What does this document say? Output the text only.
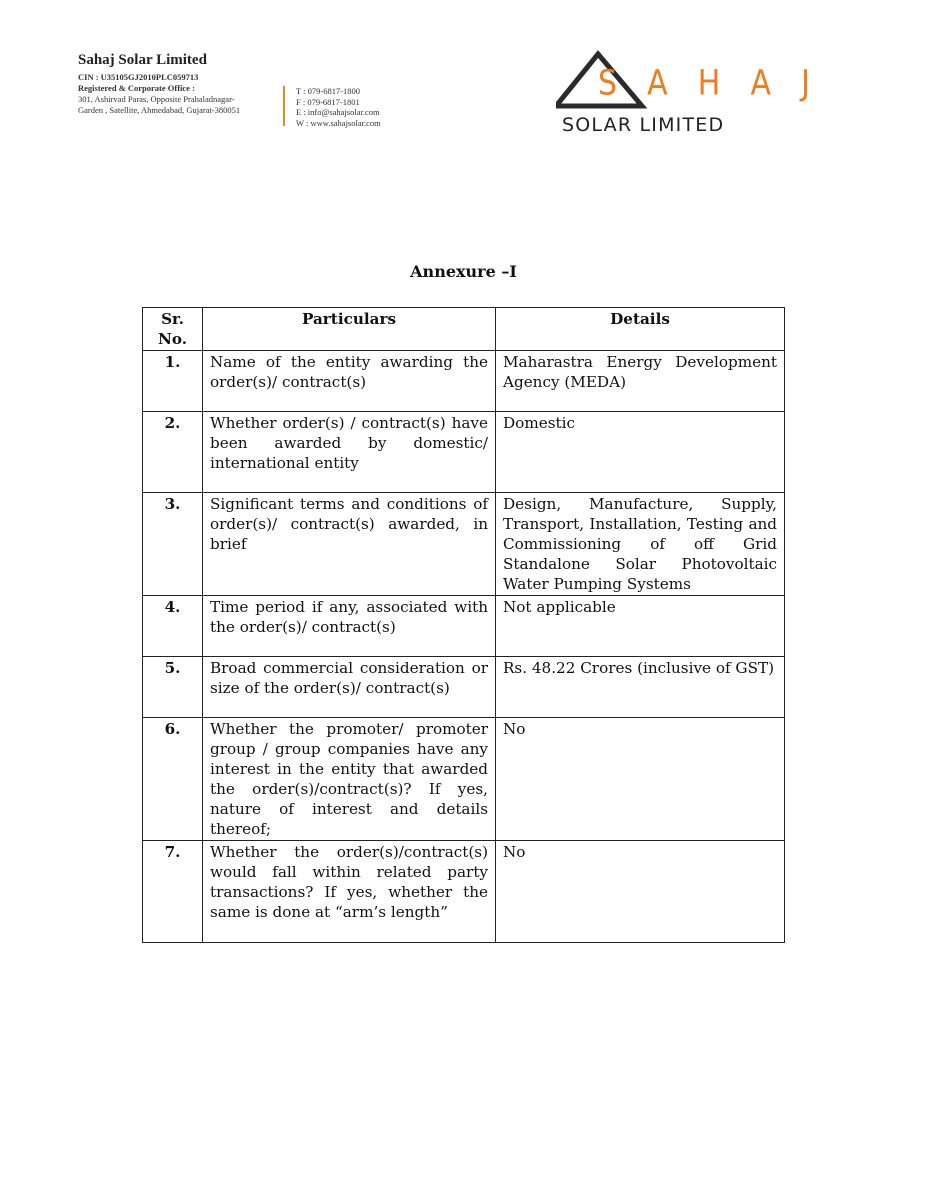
Sahaj Solar Limited

CIN : U35105GJ2010PLC059713

Registered & Corporate Office :

301, Ashirvad Paras, Opposite Prahaladnagar-

Garden , Satellite, Ahmedabad, Gujarat-380051

T : 079-6817-1800

F : 079-6817-1801

E : info@sahajsolar.com

W : www.sahajsolar.com

S A H A J
SOLAR LIMITED

Annexure –I

Sr. No.	Particulars	Details
1.	Name of the entity awarding the order(s)/ contract(s)	Maharastra Energy Development Agency (MEDA)
2.	Whether order(s) / contract(s) have been awarded by domestic/ international entity	Domestic
3.	Significant terms and conditions of order(s)/ contract(s) awarded, in brief	Design, Manufacture, Supply, Transport, Installation, Testing and Commissioning of off Grid Standalone Solar Photovoltaic Water Pumping Systems
4.	Time period if any, associated with the order(s)/ contract(s)	Not applicable
5.	Broad commercial consideration or size of the order(s)/ contract(s)	Rs. 48.22 Crores (inclusive of GST)
6.	Whether the promoter/ promoter group / group companies have any interest in the entity that awarded the order(s)/contract(s)? If yes, nature of interest and details thereof;	No
7.	Whether the order(s)/contract(s) would fall within related party transactions? If yes, whether the same is done at “arm’s length”	No
